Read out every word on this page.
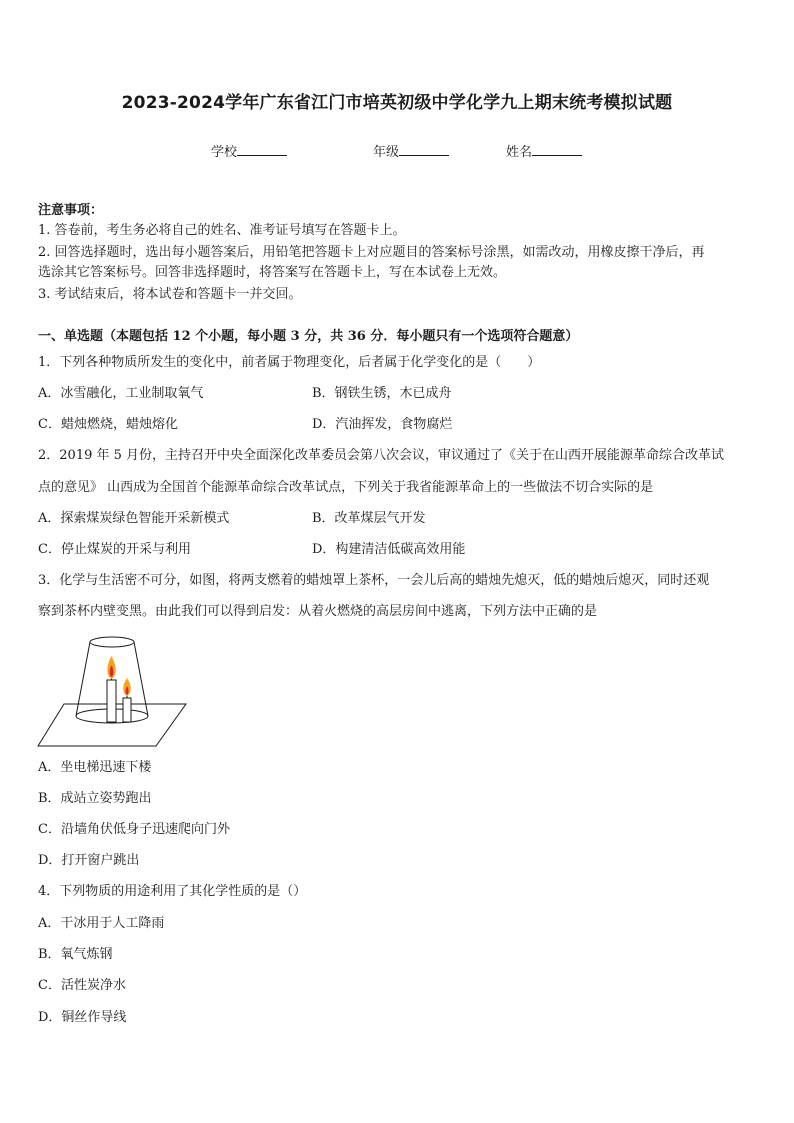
2023-2024学年广东省江门市培英初级中学化学九上期末统考模拟试题
学校	年级	姓名
注意事项：
1. 答卷前，考生务必将自己的姓名、准考证号填写在答题卡上。
2. 回答选择题时，选出每小题答案后，用铅笔把答题卡上对应题目的答案标号涂黑，如需改动，用橡皮擦干净后，再
选涂其它答案标号。回答非选择题时，将答案写在答题卡上，写在本试卷上无效。
3. 考试结束后，将本试卷和答题卡一并交回。
一、单选题（本题包括 12 个小题，每小题 3 分，共 36 分．每小题只有一个选项符合题意）
1．下列各种物质所发生的变化中，前者属于物理变化，后者属于化学变化的是（　　）
A．冰雪融化，工业制取氧气	B．钢铁生锈，木已成舟
C．蜡烛燃烧，蜡烛熔化	D．汽油挥发，食物腐烂
2．2019 年 5 月份，主持召开中央全面深化改革委员会第八次会议，审议通过了《关于在山西开展能源革命综合改革试
点的意见》 山西成为全国首个能源革命综合改革试点，下列关于我省能源革命上的一些做法不切合实际的是
A．探索煤炭绿色智能开采新模式	B．改革煤层气开发
C．停止煤炭的开采与利用	D．构建清洁低碳高效用能
3．化学与生活密不可分，如图，将两支燃着的蜡烛罩上茶杯，一会儿后高的蜡烛先熄灭，低的蜡烛后熄灭，同时还观
察到茶杯内壁变黑。由此我们可以得到启发：从着火燃烧的高层房间中逃离，下列方法中正确的是
A．坐电梯迅速下楼
B．成站立姿势跑出
C．沿墙角伏低身子迅速爬向门外
D．打开窗户跳出
4．下列物质的用途利用了其化学性质的是（）
A．干冰用于人工降雨
B．氧气炼钢
C．活性炭净水
D．铜丝作导线
